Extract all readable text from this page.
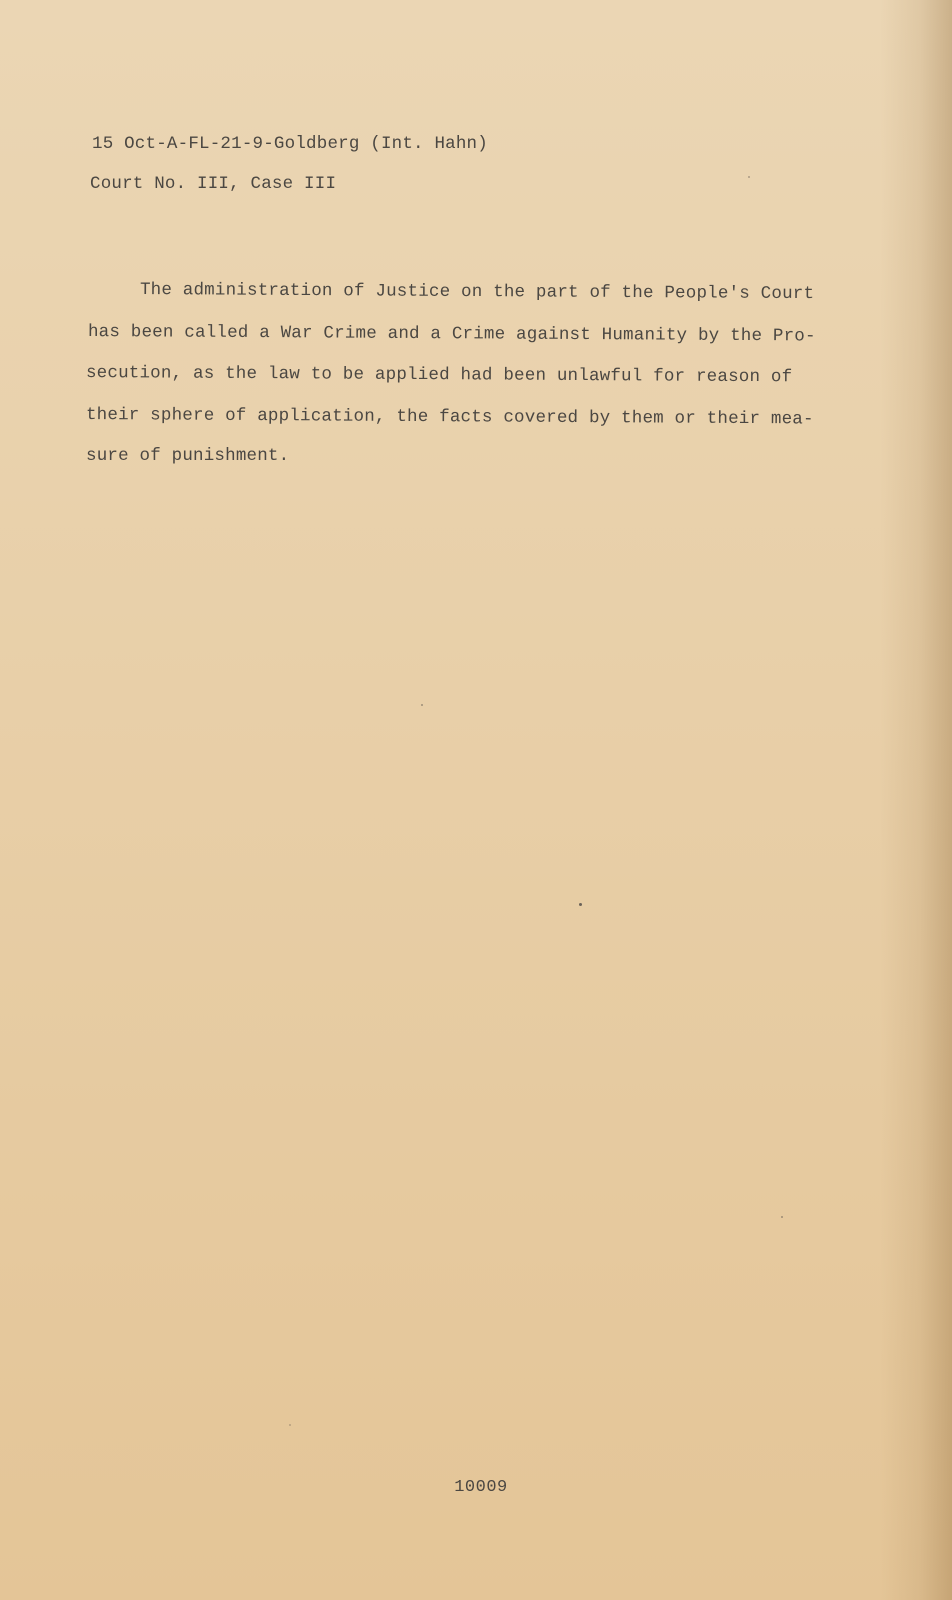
15 Oct-A-FL-21-9-Goldberg (Int. Hahn)
Court No. III, Case III
The administration of Justice on the part of the People's Court
has been called a War Crime and a Crime against Humanity by the Pro-
secution, as the law to be applied had been unlawful for reason of
their sphere of application, the facts covered by them or their mea-
sure of punishment.
10009
